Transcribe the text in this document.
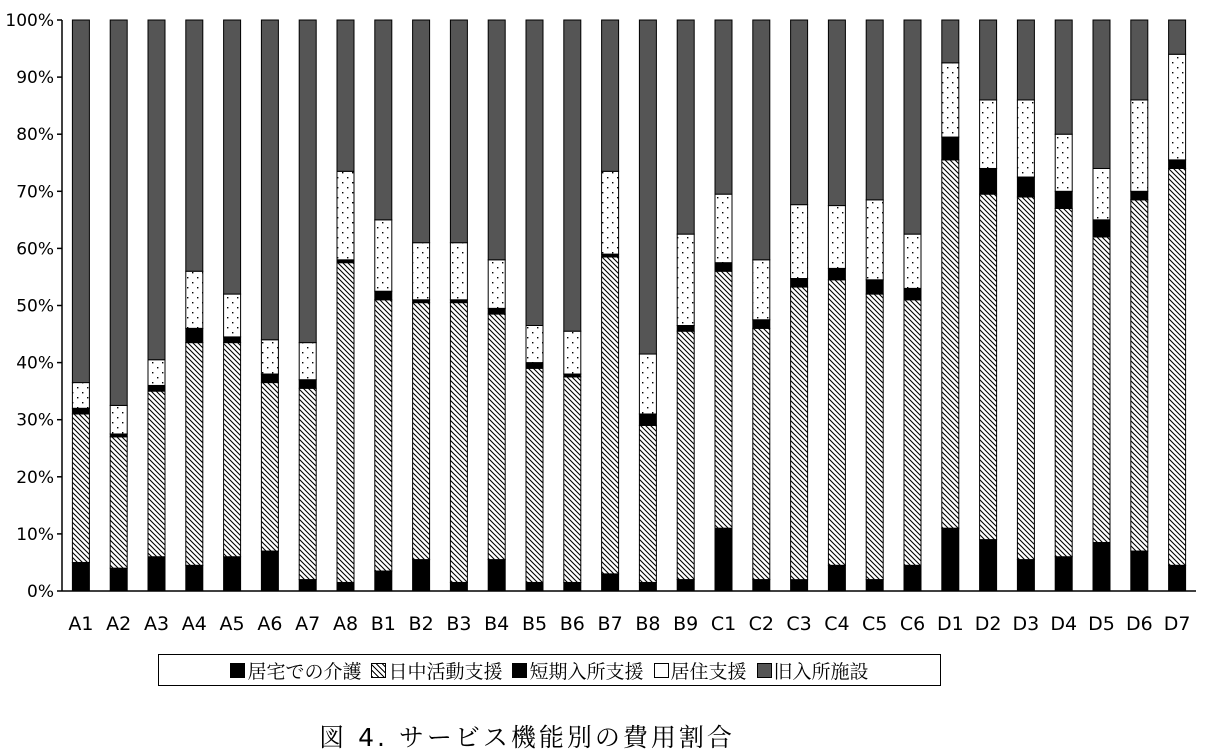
0%
10%
20%
30%
40%
50%
60%
70%
80%
90%
100%
A1 A2 A3 A4 A5 A6 A7 A8 B1 B2 B3 B4 B5 B6 B7 B8 B9 C1 C2 C3 C4 C5 C6 D1 D2 D3 D4 D5 D6 D7
居宅での介護 日中活動支援 短期入所支援 居住支援 旧入所施設
図 4. サービス機能別の費用割合
